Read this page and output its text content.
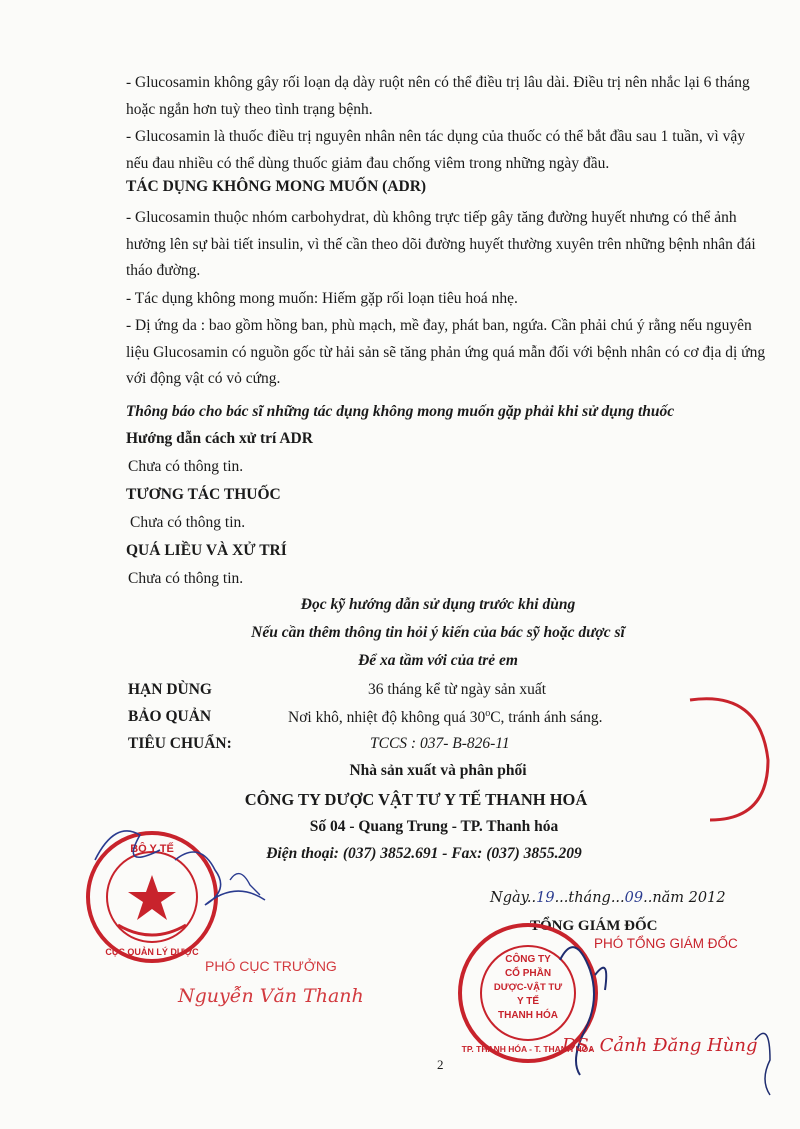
- Glucosamin không gây rối loạn dạ dày ruột nên có thể điều trị lâu dài. Điều trị nên nhắc lại 6 tháng hoặc ngắn hơn tuỳ theo tình trạng bệnh.

- Glucosamin là thuốc điều trị nguyên nhân nên tác dụng của thuốc có thể bắt đầu sau 1 tuần, vì vậy nếu đau nhiều có thể dùng thuốc giảm đau chống viêm trong những ngày đầu.

TÁC DỤNG KHÔNG MONG MUỐN (ADR)

- Glucosamin thuộc nhóm carbohydrat, dù không trực tiếp gây tăng đường huyết nhưng có thể ảnh hưởng lên sự bài tiết insulin, vì thế cần theo dõi đường huyết thường xuyên trên những bệnh nhân đái tháo đường.

- Tác dụng không mong muốn: Hiếm gặp rối loạn tiêu hoá nhẹ.

- Dị ứng da : bao gồm hồng ban, phù mạch, mề đay, phát ban, ngứa. Cần phải chú ý rằng nếu nguyên liệu Glucosamin có nguồn gốc từ hải sản sẽ tăng phản ứng quá mẫn đối với bệnh nhân có cơ địa dị ứng với động vật có vỏ cứng.

Thông báo cho bác sĩ những tác dụng không mong muốn gặp phải khi sử dụng thuốc

Hướng dẫn cách xử trí ADR

Chưa có thông tin.

TƯƠNG TÁC THUỐC

Chưa có thông tin.

QUÁ LIỀU VÀ XỬ TRÍ

Chưa có thông tin.

Đọc kỹ hướng dẫn sử dụng trước khi dùng

Nếu cần thêm thông tin hỏi ý kiến của bác sỹ hoặc dược sĩ

Để xa tầm với của trẻ em

HẠN DÙNG	36 tháng kể từ ngày sản xuất
BẢO QUẢN	Nơi khô, nhiệt độ không quá 30$^o$C, tránh ánh sáng.
TIÊU CHUẨN:	TCCS : 037- B-826-11

Nhà sản xuất và phân phối

CÔNG TY DƯỢC VẬT TƯ Y TẾ THANH HOÁ

Số 04 - Quang Trung - TP. Thanh hóa

Điện thoại: (037) 3852.691 - Fax: (037) 3855.209

Ngày..19...tháng...09..năm 2012
TỔNG GIÁM ĐỐC
PHÓ TỔNG GIÁM ĐỐC
BỘ Y TẾ
CỤC QUẢN LÝ DƯỢC
CÔNG TY
CỔ PHẦN
DƯỢC-VẬT TƯ
Y TẾ
THANH HÓA
TP. THANH HÓA - T. THANH HÓA
PHÓ CỤC TRƯỞNG
Nguyễn Văn Thanh
DS. Cảnh Đăng Hùng
2
